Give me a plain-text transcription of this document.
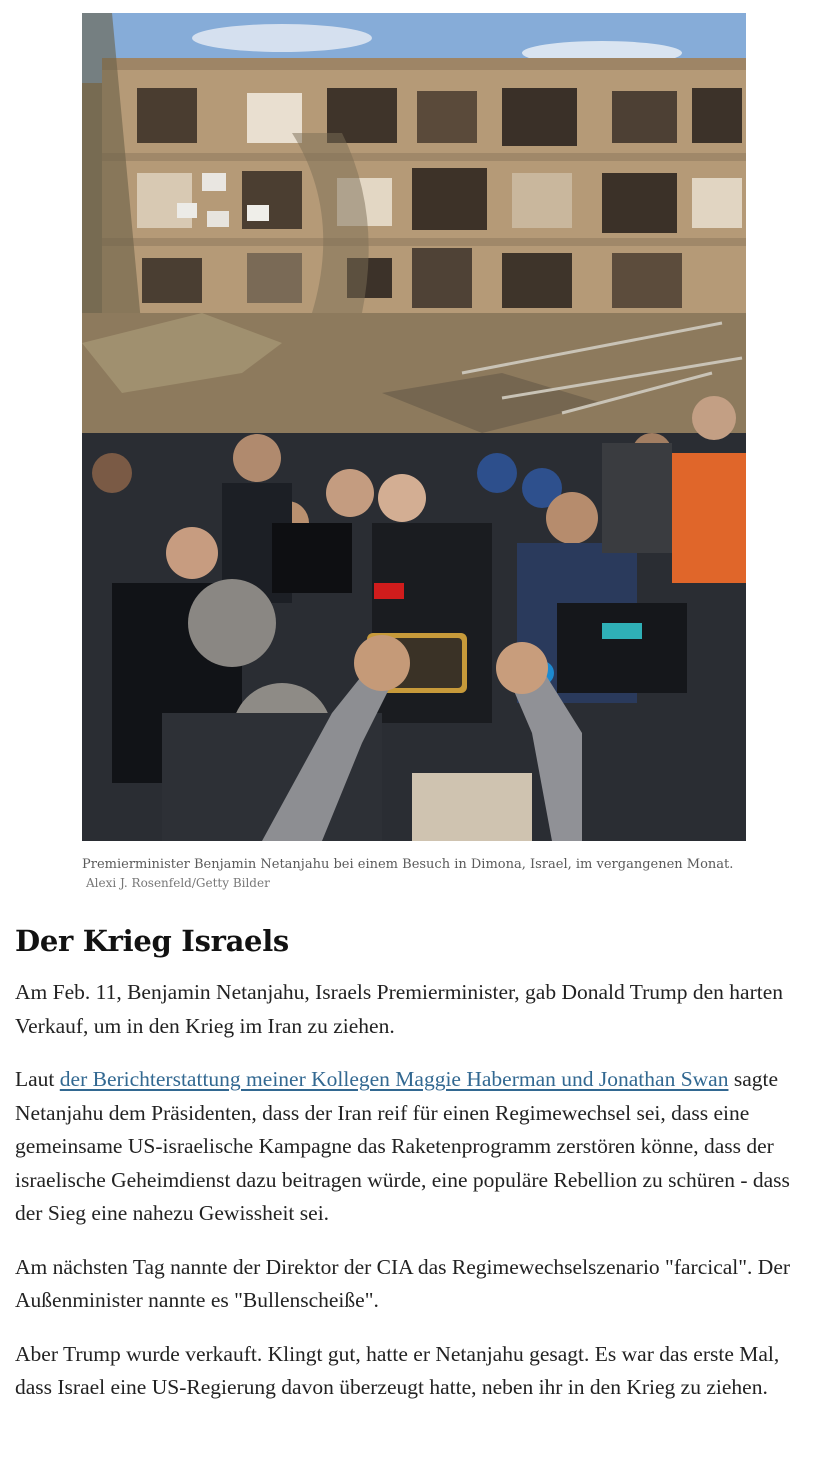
Premierminister Benjamin Netanjahu bei einem Besuch in Dimona, Israel, im vergangenen Monat. Alexi J. Rosenfeld/Getty Bilder
Der Krieg Israels

Am Feb. 11, Benjamin Netanjahu, Israels Premierminister, gab Donald Trump den harten Verkauf, um in den Krieg im Iran zu ziehen.

Laut der Berichterstattung meiner Kollegen Maggie Haberman und Jonathan Swan sagte Netanjahu dem Präsidenten, dass der Iran reif für einen Regimewechsel sei, dass eine gemeinsame US-israelische Kampagne das Raketenprogramm zerstören könne, dass der israelische Geheimdienst dazu beitragen würde, eine populäre Rebellion zu schüren - dass der Sieg eine nahezu Gewissheit sei.

Am nächsten Tag nannte der Direktor der CIA das Regimewechselszenario "farcical". Der Außenminister nannte es "Bullenscheiße".

Aber Trump wurde verkauft. Klingt gut, hatte er Netanjahu gesagt. Es war das erste Mal, dass Israel eine US-Regierung davon überzeugt hatte, neben ihr in den Krieg zu ziehen.
